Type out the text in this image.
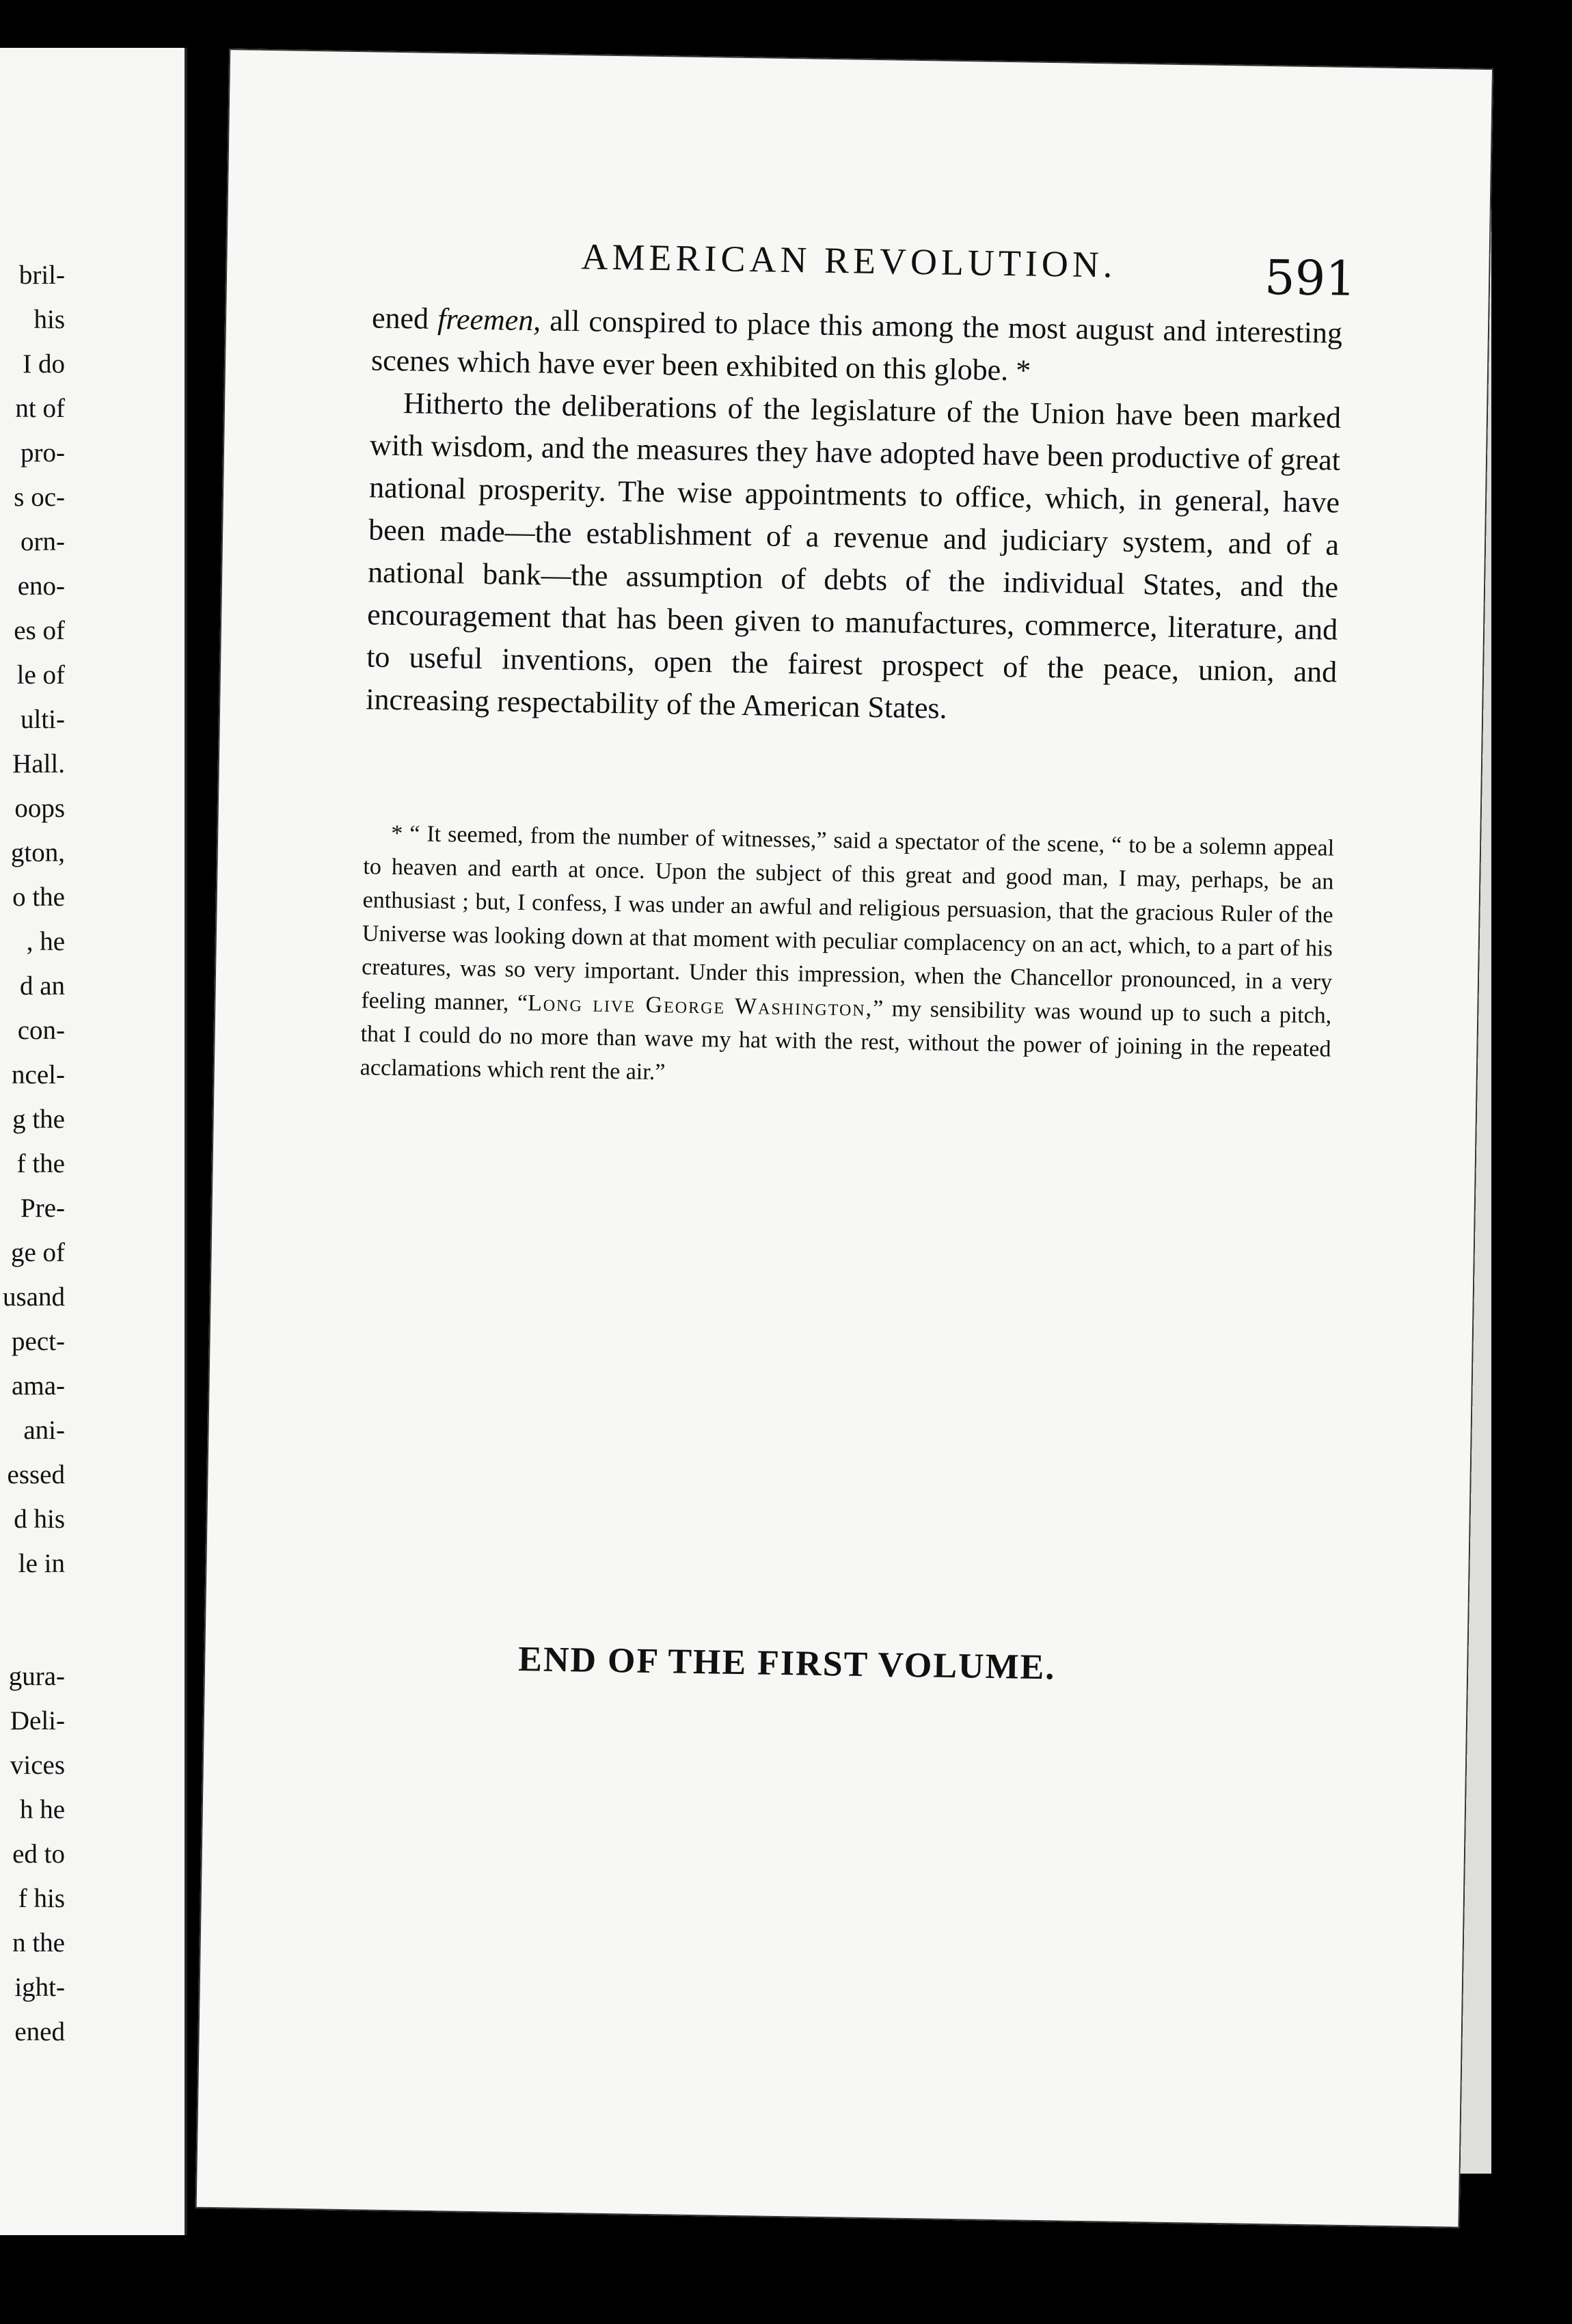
bril-
his
I do
nt of
pro-
s oc-
orn-
eno-
es of
le of
ulti-
Hall.
oops
gton,
o the
, he
d an
con-
ncel-
g the
f the
Pre-
ge of
usand
pect-
ama-
ani-
essed
d his
le in
gura-
Deli-
vices
h he
ed to
f his
n the
ight-
ened
AMERICAN REVOLUTION.	591

ened freemen, all conspired to place this among the most august and interesting scenes which have ever been exhibited on this globe. *

Hitherto the deliberations of the legislature of the Union have been marked with wisdom, and the measures they have adopted have been productive of great national prosperity. The wise appointments to office, which, in general, have been made—the establishment of a revenue and judiciary system, and of a national bank—the assumption of debts of the individual States, and the encouragement that has been given to manufactures, commerce, literature, and to useful inventions, open the fairest prospect of the peace, union, and increasing respectability of the American States.

* “ It seemed, from the number of witnesses,” said a spectator of the scene, “ to be a solemn appeal to heaven and earth at once. Upon the subject of this great and good man, I may, perhaps, be an enthusiast ; but, I confess, I was under an awful and religious persuasion, that the gracious Ruler of the Universe was looking down at that moment with peculiar complacency on an act, which, to a part of his creatures, was so very important. Under this impression, when the Chancellor pronounced, in a very feeling manner, “Long live George Washington,” my sensibility was wound up to such a pitch, that I could do no more than wave my hat with the rest, without the power of joining in the repeated acclamations which rent the air.”
END OF THE FIRST VOLUME.
